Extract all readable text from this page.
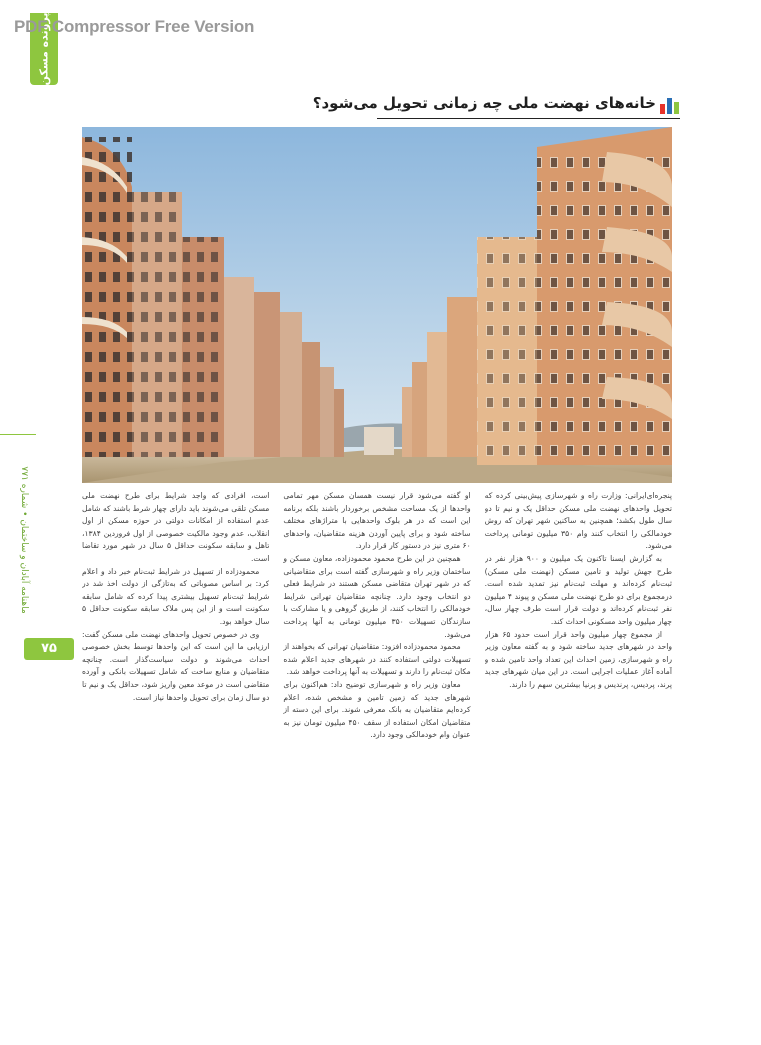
PDF Compressor Free Version
پرونده مسکن
خانه‌های نهضت ملی چه زمانی تحویل می‌شود؟
ماهنامه آبادان و ساختمان • شماره ۷۷۱
۷۵

پنجره‌ای‌ایرانی: وزارت راه و شهرسازی پیش‌بینی کرده که تحویل واحدهای نهضت ملی مسکن حداقل یک و نیم تا دو سال طول بکشد؛ همچنین به ساکنین شهر تهران که روش خودمالکی را انتخاب کنند وام ۳۵۰ میلیون تومانی پرداخت می‌شود.

به گزارش ایسنا تاکنون یک میلیون و ۹۰۰ هزار نفر در طرح جهش تولید و تامین مسکن (نهضت ملی مسکن) ثبت‌نام کرده‌اند و مهلت ثبت‌نام نیز تمدید شده است. درمجموع برای دو طرح نهضت ملی مسکن و پیوند ۴ میلیون نفر ثبت‌نام کرده‌اند و دولت قرار است طرف چهار سال، چهار میلیون واحد مسکونی احداث کند.

از مجموع چهار میلیون واحد قرار است حدود ۶۵ هزار واحد در شهرهای جدید ساخته شود و به گفته معاون وزیر راه و شهرسازی، زمین احداث این تعداد واحد تامین شده و آماده آغاز عملیات اجرایی است. در این میان شهرهای جدید پرند، پردیس، پرندیس و پرنیا بیشترین سهم را دارند.

او گفته می‌شود قرار نیست همسان مسکن مهر تمامی واحدها از یک مساحت مشخص برخوردار باشند بلکه برنامه این است که در هر بلوک واحدهایی با متراژهای مختلف ساخته شود و برای پایین آوردن هزینه متقاضیان، واحدهای ۶۰ متری نیز در دستور کار قرار دارد.

همچنین در این طرح محمود محمودزاده، معاون مسکن و ساختمان وزیر راه و شهرسازی گفته است برای متقاضیانی که در شهر تهران متقاضی مسکن هستند در شرایط فعلی دو انتخاب وجود دارد. چنانچه متقاضیان تهرانی شرایط خودمالکی را انتخاب کنند، از طریق گروهی و یا مشارکت با سازندگان تسهیلات ۳۵۰ میلیون تومانی به آنها پرداخت می‌شود.

محمود محمودزاده افزود: متقاضیان تهرانی که بخواهند از تسهیلات دولتی استفاده کنند در شهرهای جدید اعلام شده مکان ثبت‌نام را دارند و تسهیلات به آنها پرداخت خواهد شد.

معاون وزیر راه و شهرسازی توضیح داد: هم‌اکنون برای شهرهای جدید که زمین تامین و مشخص شده، اعلام کرده‌ایم متقاضیان به بانک معرفی شوند. برای این دسته از متقاضیان امکان استفاده از سقف ۴۵۰ میلیون تومان نیز به عنوان وام خودمالکی وجود دارد.

است، افرادی که واجد شرایط برای طرح نهضت ملی مسکن تلقی می‌شوند باید دارای چهار شرط باشند که شامل عدم استفاده از امکانات دولتی در حوزه مسکن از اول انقلاب، عدم وجود مالکیت خصوصی از اول فروردین ۱۳۸۴، تاهل و سابقه سکونت حداقل ۵ سال در شهر مورد تقاضا است.

محمودزاده از تسهیل در شرایط ثبت‌نام خبر داد و اعلام کرد: بر اساس مصوباتی که به‌تازگی از دولت اخذ شد در شرایط ثبت‌نام تسهیل بیشتری پیدا کرده که شامل سابقه سکونت است و از این پس ملاک سابقه سکونت حداقل ۵ سال خواهد بود.

وی در خصوص تحویل واحدهای نهضت ملی مسکن گفت: ارزیابی ما این است که این واحدها توسط بخش خصوصی احداث می‌شوند و دولت سیاست‌گذار است. چنانچه متقاضیان و منابع ساخت که شامل تسهیلات بانکی و آورده متقاضی است در موعد معین واریز شود، حداقل یک و نیم تا دو سال زمان برای تحویل واحدها نیاز است.
